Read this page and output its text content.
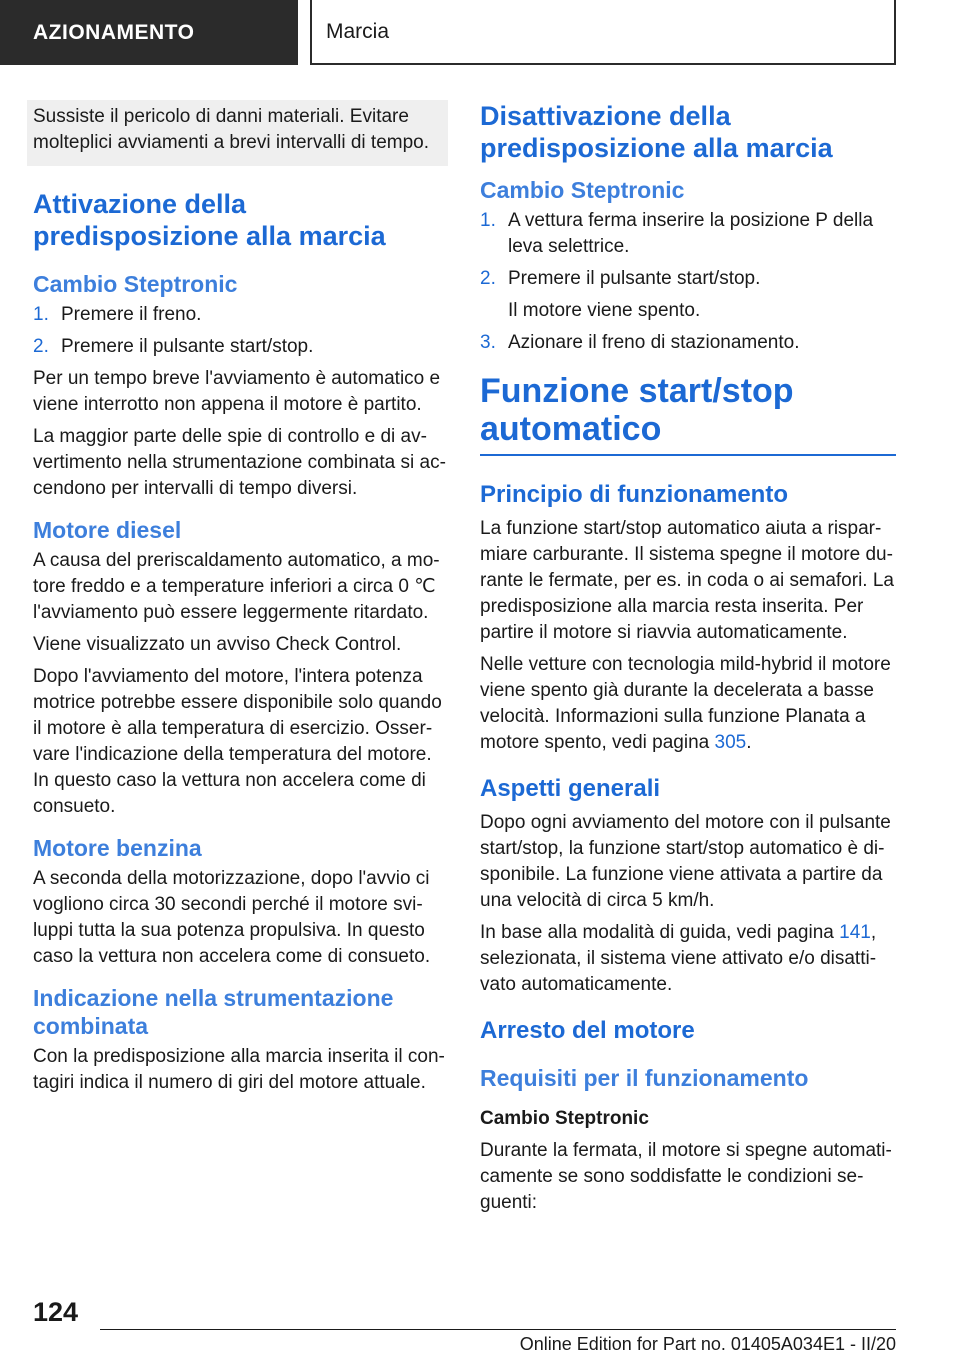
AZIONAMENTO	Marcia
Sussiste il pericolo di danni materiali. Evitare molteplici avviamenti a brevi intervalli di tempo.
Attivazione della predisposizione alla marcia
Cambio Steptronic
1. Premere il freno.
2. Premere il pulsante start/stop.

Per un tempo breve l'avviamento è automatico e viene interrotto non appena il motore è partito.

La maggior parte delle spie di controllo e di avvertimento nella strumentazione combinata si accendono per intervalli di tempo diversi.

Motore diesel

A causa del preriscaldamento automatico, a motore freddo e a temperature inferiori a circa 0 ℃ l'avviamento può essere leggermente ritardato.

Viene visualizzato un avviso Check Control.

Dopo l'avviamento del motore, l'intera potenza motrice potrebbe essere disponibile solo quando il motore è alla temperatura di esercizio. Osservare l'indicazione della temperatura del motore. In questo caso la vettura non accelera come di consueto.

Motore benzina

A seconda della motorizzazione, dopo l'avvio ci vogliono circa 30 secondi perché il motore sviluppi tutta la sua potenza propulsiva. In questo caso la vettura non accelera come di consueto.

Indicazione nella strumentazione combinata

Con la predisposizione alla marcia inserita il contagiri indica il numero di giri del motore attuale.

Disattivazione della predisposizione alla marcia
Cambio Steptronic
1. A vettura ferma inserire la posizione P della leva selettrice.
2. Premere il pulsante start/stop.

Il motore viene spento.

3. Azionare il freno di stazionamento.
Funzione start/stop automatico
Principio di funzionamento

La funzione start/stop automatico aiuta a risparmiare carburante. Il sistema spegne il motore durante le fermate, per es. in coda o ai semafori. La predisposizione alla marcia resta inserita. Per partire il motore si riavvia automaticamente.

Nelle vetture con tecnologia mild-hybrid il motore viene spento già durante la decelerata a basse velocità. Informazioni sulla funzione Planata a motore spento, vedi pagina 305.

Aspetti generali

Dopo ogni avviamento del motore con il pulsante start/stop, la funzione start/stop automatico è disponibile. La funzione viene attivata a partire da una velocità di circa 5 km/h.

In base alla modalità di guida, vedi pagina 141, selezionata, il sistema viene attivato e/o disattivato automaticamente.

Arresto del motore
Requisiti per il funzionamento

Cambio Steptronic

Durante la fermata, il motore si spegne automaticamente se sono soddisfatte le condizioni seguenti:

124
Online Edition for Part no. 01405A034E1 - II/20
